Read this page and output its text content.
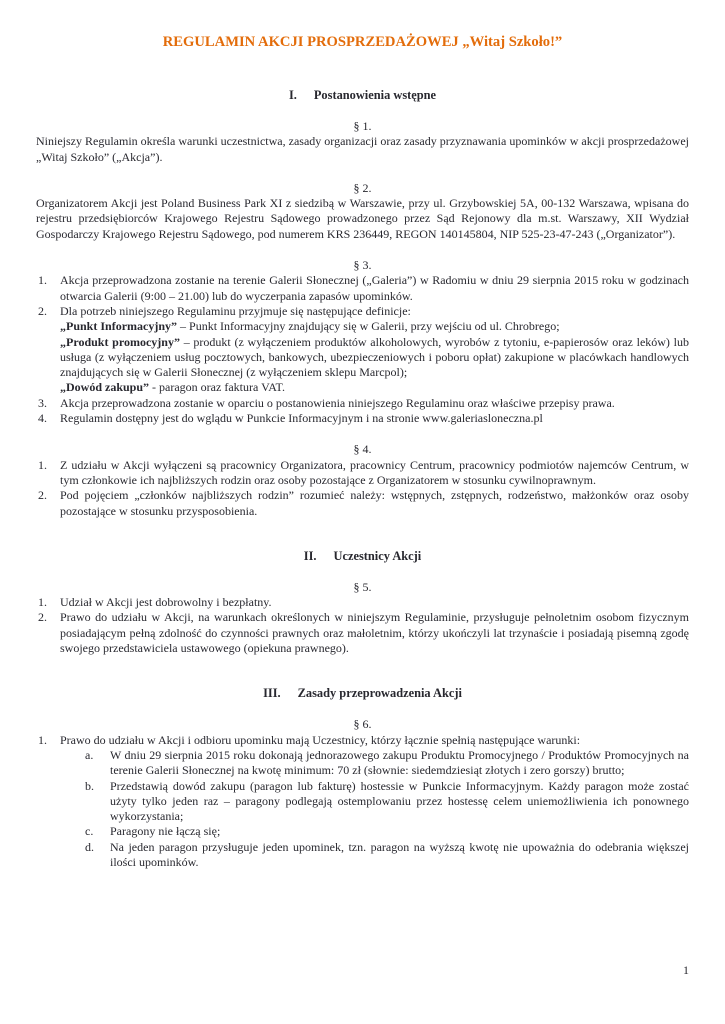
REGULAMIN AKCJI PROSPRZEDAŻOWEJ „Witaj Szkoło!”
I. Postanowienia wstępne
§ 1.

Niniejszy Regulamin określa warunki uczestnictwa, zasady organizacji oraz zasady przyznawania upominków w akcji prosprzedażowej „Witaj Szkoło” („Akcja”).

§ 2.

Organizatorem Akcji jest Poland Business Park XI z siedzibą w Warszawie, przy ul. Grzybowskiej 5A, 00-132 Warszawa, wpisana do rejestru przedsiębiorców Krajowego Rejestru Sądowego prowadzonego przez Sąd Rejonowy dla m.st. Warszawy, XII Wydział Gospodarczy Krajowego Rejestru Sądowego, pod numerem KRS 236449, REGON 140145804, NIP 525-23-47-243 („Organizator”).

§ 3.
1.	Akcja przeprowadzona zostanie na terenie Galerii Słonecznej („Galeria”) w Radomiu w dniu 29 sierpnia 2015 roku w godzinach otwarcia Galerii (9:00 – 21.00) lub do wyczerpania zapasów upominków.
2.	Dla potrzeb niniejszego Regulaminu przyjmuje się następujące definicje:
„Punkt Informacyjny” – Punkt Informacyjny znajdujący się w Galerii, przy wejściu od ul. Chrobrego;
„Produkt promocyjny” – produkt (z wyłączeniem produktów alkoholowych, wyrobów z tytoniu, e-papierosów oraz leków) lub usługa (z wyłączeniem usług pocztowych, bankowych, ubezpieczeniowych i poboru opłat) zakupione w placówkach handlowych znajdujących się w Galerii Słonecznej (z wyłączeniem sklepu Marcpol);
„Dowód zakupu” - paragon oraz faktura VAT.
3.	Akcja przeprowadzona zostanie w oparciu o postanowienia niniejszego Regulaminu oraz właściwe przepisy prawa.
4.	Regulamin dostępny jest do wglądu w Punkcie Informacyjnym i na stronie www.galeriasloneczna.pl
§ 4.
1.	Z udziału w Akcji wyłączeni są pracownicy Organizatora, pracownicy Centrum, pracownicy podmiotów najemców Centrum, w tym członkowie ich najbliższych rodzin oraz osoby pozostające z Organizatorem w stosunku cywilnoprawnym.
2.	Pod pojęciem „członków najbliższych rodzin” rozumieć należy: wstępnych, zstępnych, rodzeństwo, małżonków oraz osoby pozostające w stosunku przysposobienia.
II. Uczestnicy Akcji
§ 5.
1.	Udział w Akcji jest dobrowolny i bezpłatny.
2.	Prawo do udziału w Akcji, na warunkach określonych w niniejszym Regulaminie, przysługuje pełnoletnim osobom fizycznym posiadającym pełną zdolność do czynności prawnych oraz małoletnim, którzy ukończyli lat trzynaście i posiadają pisemną zgodę swojego przedstawiciela ustawowego (opiekuna prawnego).
III. Zasady przeprowadzenia Akcji
§ 6.
1.	Prawo do udziału w Akcji i odbioru upominku mają Uczestnicy, którzy łącznie spełnią następujące warunki:
a.	W dniu 29 sierpnia 2015 roku dokonają jednorazowego zakupu Produktu Promocyjnego / Produktów Promocyjnych na terenie Galerii Słonecznej na kwotę minimum: 70 zł (słownie: siedemdziesiąt złotych i zero gorszy) brutto;
b.	Przedstawią dowód zakupu (paragon lub fakturę) hostessie w Punkcie Informacyjnym. Każdy paragon może zostać użyty tylko jeden raz – paragony podlegają ostemplowaniu przez hostessę celem uniemożliwienia ich ponownego wykorzystania;
c.	Paragony nie łączą się;
d.	Na jeden paragon przysługuje jeden upominek, tzn. paragon na wyższą kwotę nie upoważnia do odebrania większej ilości upominków.
1
